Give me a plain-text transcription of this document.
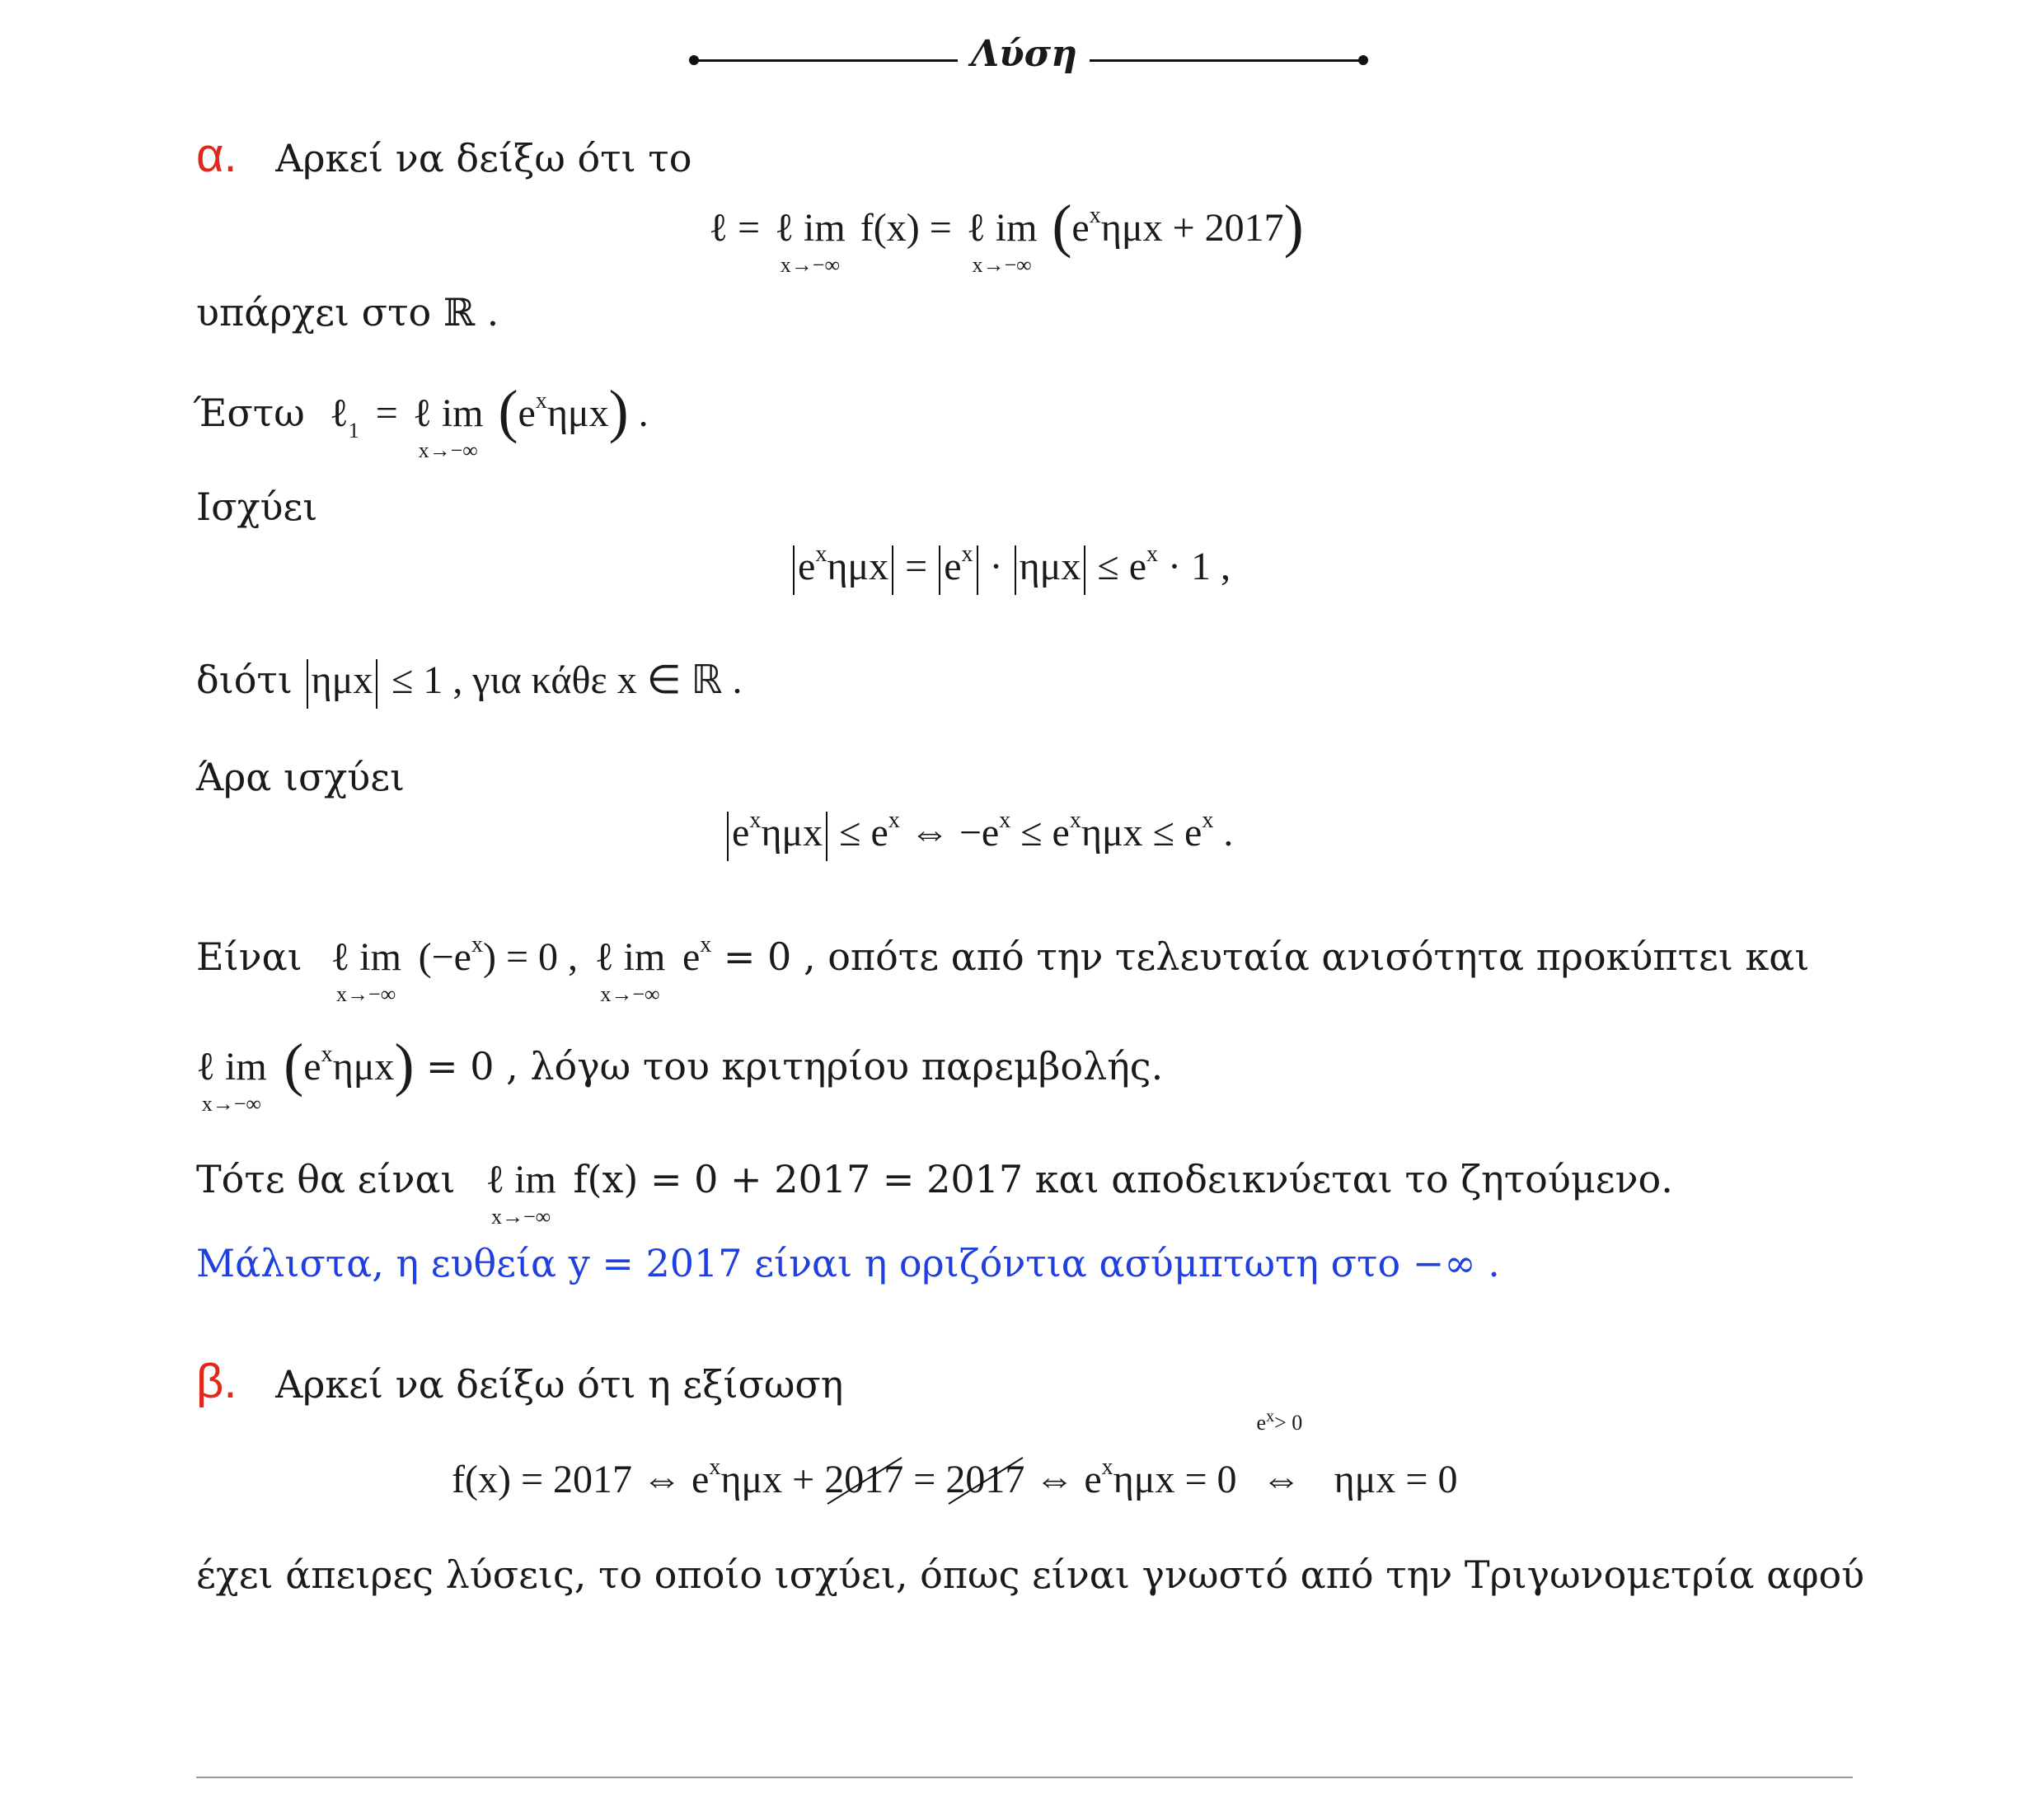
Λύση
α. Αρκεί να δείξω ότι το
ℓ = ℓ im
x→−∞
f(x) = ℓ im
x→−∞
$(e^x\eta\mu x + 2017)$
υπάρχει στο ℝ .
Έστω ℓ$_1$ = ℓ im
x→−∞
$(e^x\eta\mu x)$ .
Ισχύει
$e^x\eta\mu x = e^x \cdot \eta\mu x \le e^x \cdot 1$ ,
διότι ημx ≤ 1 , για κάθε x ∈ ℝ .
Άρα ισχύει
$e^x\eta\mu x \le e^x$ ⇔ $-e^x \le e^x\eta\mu x \le e^x$ .
Είναι ℓ im
x→−∞
$(-e^x) = 0$ , ℓ im
x→−∞
$e^x = 0$ , οπότε από την τελευταία ανισότητα προκύπτει και
ℓ im
x→−∞
$(e^x\eta\mu x) = 0$ , λόγω του κριτηρίου παρεμβολής.
Τότε θα είναι ℓ im
x→−∞
f(x) = 0 + 2017 = 2017 και αποδεικνύεται το ζητούμενο.
Μάλιστα, η ευθεία y = 2017 είναι η οριζόντια ασύμπτωτη στο −∞ .
β. Αρκεί να δείξω ότι η εξίσωση
f(x) = 2017 ⇔ $e^x\eta\mu x + 2017 = 2017$ ⇔ $e^x\eta\mu x = 0$
$e^x> 0$
⇔ ημx = 0
έχει άπειρες λύσεις, το οποίο ισχύει, όπως είναι γνωστό από την Τριγωνομετρία αφού
